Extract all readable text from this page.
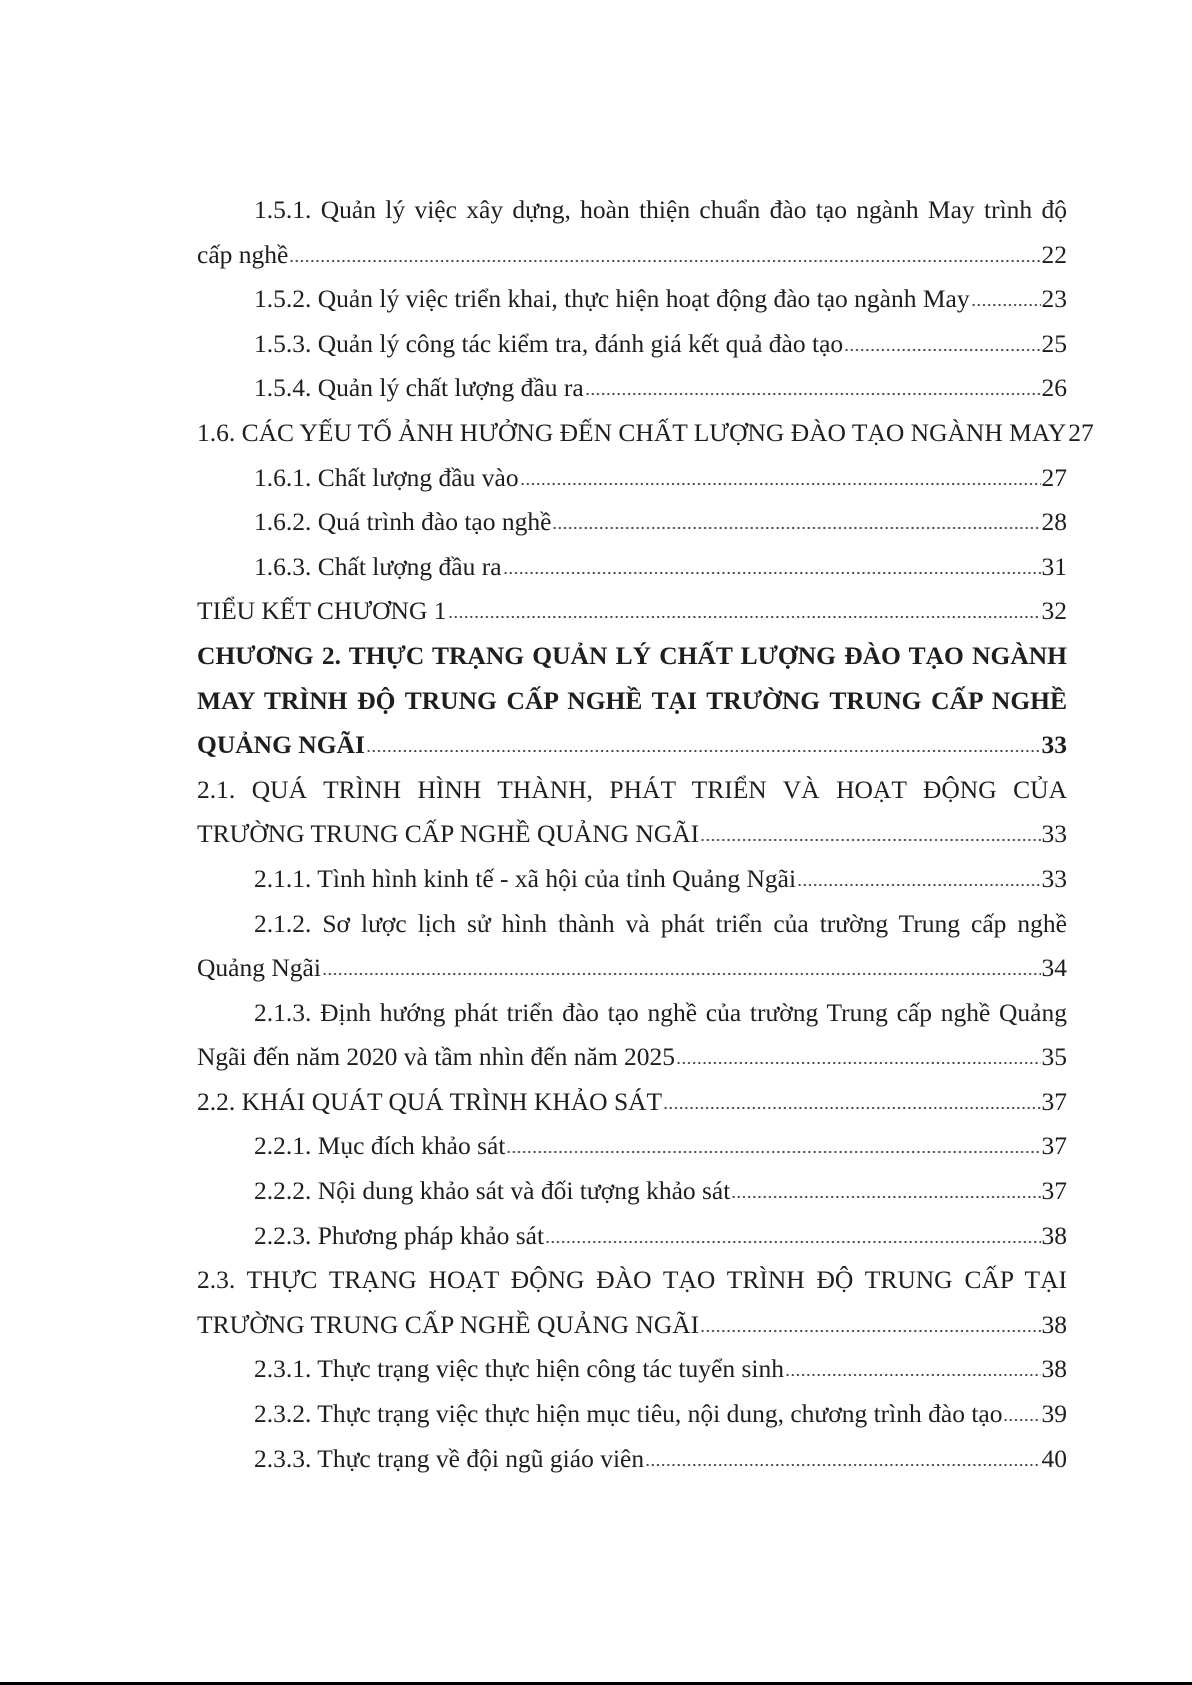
1.5.1. Quản lý việc xây dựng, hoàn thiện chuẩn đào tạo ngành May trình độ
cấp nghề	22
1.5.2. Quản lý việc triển khai, thực hiện hoạt động đào tạo ngành May	23
1.5.3. Quản lý công tác kiểm tra, đánh giá kết quả đào tạo	25
1.5.4. Quản lý chất lượng đầu ra	26
1.6. CÁC YẾU TỐ ẢNH HƯỞNG ĐẾN CHẤT LƯỢNG ĐÀO TẠO NGÀNH MAY 27
1.6.1. Chất lượng đầu vào	27
1.6.2. Quá trình đào tạo nghề	28
1.6.3. Chất lượng đầu ra	31
TIỂU KẾT CHƯƠNG 1	32
CHƯƠNG 2. THỰC TRẠNG QUẢN LÝ CHẤT LƯỢNG ĐÀO TẠO NGÀNH
MAY TRÌNH ĐỘ TRUNG CẤP NGHỀ TẠI TRƯỜNG TRUNG CẤP NGHỀ
QUẢNG NGÃI	33
2.1. QUÁ TRÌNH HÌNH THÀNH, PHÁT TRIỂN VÀ HOẠT ĐỘNG CỦA
TRƯỜNG TRUNG CẤP NGHỀ QUẢNG NGÃI	33
2.1.1. Tình hình kinh tế - xã hội của tỉnh Quảng Ngãi	33
2.1.2. Sơ lược lịch sử hình thành và phát triển của trường Trung cấp nghề
Quảng Ngãi	34
2.1.3. Định hướng phát triển đào tạo nghề của trường Trung cấp nghề Quảng
Ngãi đến năm 2020 và tầm nhìn đến năm 2025	35
2.2. KHÁI QUÁT QUÁ TRÌNH KHẢO SÁT	37
2.2.1. Mục đích khảo sát	37
2.2.2. Nội dung khảo sát và đối tượng khảo sát	37
2.2.3. Phương pháp khảo sát	38
2.3. THỰC TRẠNG HOẠT ĐỘNG ĐÀO TẠO TRÌNH ĐỘ TRUNG CẤP TẠI
TRƯỜNG TRUNG CẤP NGHỀ QUẢNG NGÃI	38
2.3.1. Thực trạng việc thực hiện công tác tuyển sinh	38
2.3.2. Thực trạng việc thực hiện mục tiêu, nội dung, chương trình đào tạo 39
2.3.3. Thực trạng về đội ngũ giáo viên	40
